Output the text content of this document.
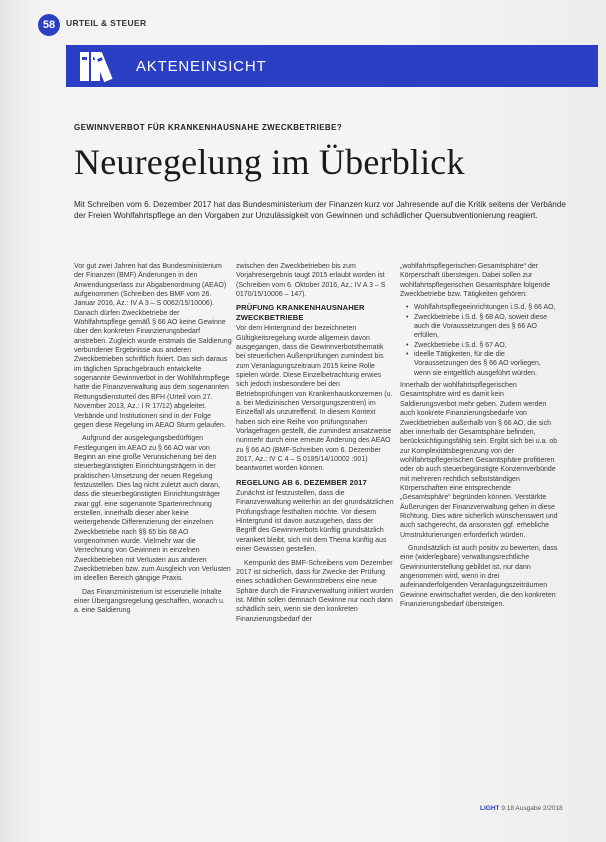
58	URTEIL & STEUER
AKTENEINSICHT
GEWINNVERBOT FÜR KRANKENHAUSNAHE ZWECKBETRIEBE?
Neuregelung im Überblick

Mit Schreiben vom 6. Dezember 2017 hat das Bundesministerium der Finanzen kurz vor Jahresende auf die Kritik seitens der Verbände der Freien Wohlfahrtspflege an den Vorgaben zur Unzulässigkeit von Gewinnen und schädlicher Quersubventionierung reagiert.

Vor gut zwei Jahren hat das Bundesministerium der Finanzen (BMF) Änderungen in den Anwendungserlass zur Abgabenordnung (AEAO) aufgenommen (Schreiben des BMF vom 26. Januar 2016, Az.: IV A 3 – S 0062/15/10006). Danach dürfen Zweckbetriebe der Wohlfahrtspflege gemäß § 66 AO keine Gewinne über den konkreten Finanzierungsbedarf anstreben. Zugleich wurde erstmals die Saldierung verbundener Ergebnisse aus anderen Zweckbetrieben schriftlich fixiert. Das sich daraus im täglichen Sprachgebrauch entwickelte sogenannte Gewinnverbot in der Wohlfahrtspflege hatte die Finanzverwaltung aus dem sogenannten Rettungsdiensturteil des BFH (Urteil vom 27. November 2013, Az.: I R 17/12) abgeleitet. Verbände und Institutionen sind in der Folge gegen diese Regelung im AEAO Sturm gelaufen.

Aufgrund der ausgelegungsbedürftigen Festlegungen im AEAO zu § 66 AO war von Beginn an eine große Verunsicherung bei den steuerbegünstigten Einrichtungsträgern in der praktischen Umsetzung der neuen Regelung festzustellen. Dies lag nicht zuletzt auch daran, dass die steuerbegünstigten Einrichtungsträger zwar ggf. eine sogenannte Spartenrechnung erstellen, innerhalb dieser aber keine weitergehende Differenzierung der einzelnen Zweckbetriebe nach §§ 65 bis 68 AO vorgenommen wurde. Vielmehr war die Verrechnung von Gewinnen in einzelnen Zweckbetrieben mit Verlusten aus anderen Zweckbetrieben bzw. zum Ausgleich von Verlusten im ideellen Bereich gängige Praxis.

Das Finanzministerium ist essenzielle Inhalte einer Übergangsregelung geschaffen, wonach u. a. eine Saldierung

zwischen den Zweckbetrieben bis zum Vorjahresergebnis taugt 2015 erlaubt worden ist (Schreiben vom 6. Oktober 2016, Az.: IV A 3 – S 0170/15/10006 – 147).

PRÜFUNG KRANKENHAUSNAHER ZWECKBETRIEBE

Vor dem Hintergrund der bezeichneten Gültigkeitsregelung wurde allgemein davon ausgegangen, dass die Gewinnverbotsthematik bei steuerlichen Außenprüfungen zumindest bis zum Veranlagungszeitraum 2015 keine Rolle spielen würde. Diese Einzelbetrachtung erwies sich jedoch insbesondere bei den Betriebsprüfungen von Krankenhauskonzernen (u. a. bei Medizinischen Versorgungszentren) im Einzelfall als unzutreffend. In diesem Kontext haben sich eine Reihe von prüfungsnahen Vorlagefragen gestellt, die zumindest ansatzweise nunmehr durch eine erneute Änderung des AEAO zu § 66 AO (BMF-Schreiben vom 6. Dezember 2017, Az.: IV C 4 – S 0185/14/10002 :001) beantwortet worden können.

REGELUNG AB 6. DEZEMBER 2017

Zunächst ist festzustellen, dass die Finanzverwaltung weiterhin an der grundsätzlichen Prüfungsfrage festhalten möchte. Vor diesem Hintergrund ist davon auszugehen, dass der Begriff des Gewinnverbots künftig grundsätzlich verankert bleibt, sich mit dem Thema künftig aus einer Gewissen gestellen.

Kernpunkt des BMF-Schreibens vom Dezember 2017 ist sicherlich, dass für Zwecke der Prüfung eines schädlichen Gewinnstrebens eine neue Sphäre durch die Finanzverwaltung initiiert wurden ist. Mithin sollen demnach Gewinne nur noch dann schädlich sein, wenn sie den konkreten Finanzierungsbedarf der

„wohlfahrtspflegerischen Gesamtsphäre“ der Körperschaft übersteigen. Dabei sollen zur wohlfahrtspflegerischen Gesamtsphäre folgende Zweckbetriebe bzw. Tätigkeiten gehören:

• Wohlfahrtspflegeeinrichtungen i.S.d. § 66 AO,
• Zweckbetriebe i.S.d. § 68 AO, soweit diese auch die Voraussetzungen des § 66 AO erfüllen,
• Zweckbetriebe i.S.d. § 67 AO,
• ideelle Tätigkeiten, für die die Voraussetzungen des § 66 AO vorliegen, wenn sie entgeltlich ausgeführt würden.

Innerhalb der wohlfahrtspflegerischen Gesamtsphäre wird es damit kein Saldierungsverbot mehr geben. Zudem werden auch konkrete Finanzierungsbedarfe von Zweckbetrieben außerhalb von § 66 AO, die sich aber innerhalb der Gesamtsphäre befinden, berücksichtigungsfähig sein. Ergibt sich bei u.a. ob zur Komplexitätsbegrenzung von der wohlfahrtspflegerischen Gesamtsphäre profitieren oder ob auch steuerbegünstigte Konzernverbünde mit mehreren rechtlich selbstständigen Körperschaften eine entsprechende „Gesamtsphäre“ begründen können. Verstärkte Äußerungen der Finanzverwaltung gehen in diese Richtung. Dies wäre sicherlich wünschenswert und auch sachgerecht, da ansonsten ggf. erhebliche Umstrukturierungen erforderlich würden.

Grundsätzlich ist auch positiv zu bewerten, dass eine (widerlegbare) verwaltungsrechtliche Gewinnunterstellung gebildet ist, nur dann angenommen wird, wenn in drei aufeinanderfolgenden Veranlagungszeiträumen Gewinne erwirtschaftet werden, die den konkreten Finanzierungsbedarf übersteigen.

LIGHT 9.18 Ausgabe 2/2018
